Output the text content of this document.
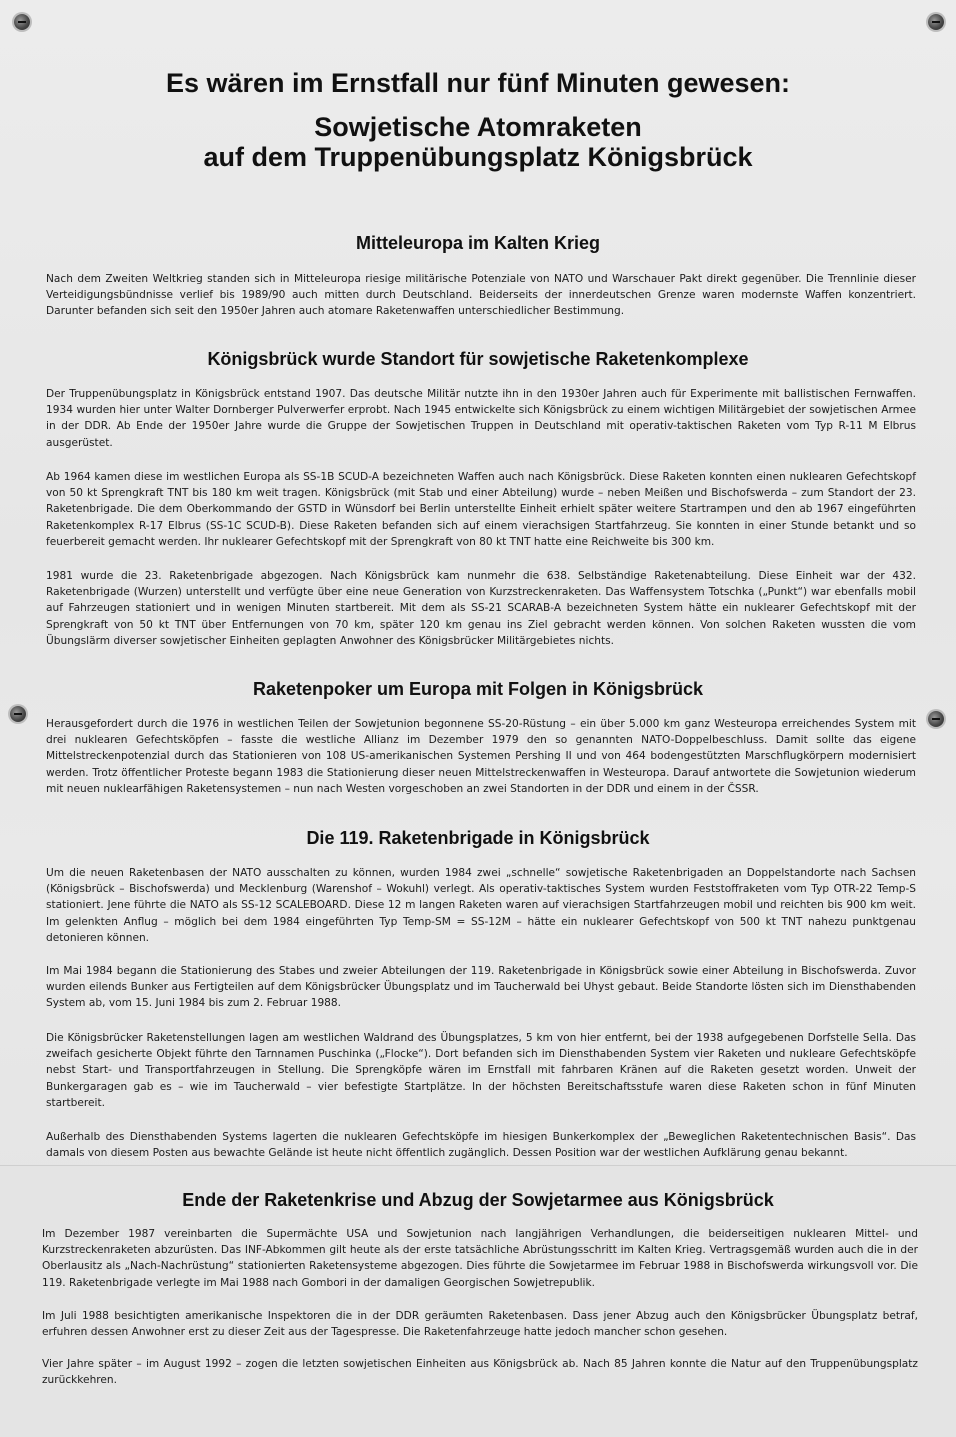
Es wären im Ernstfall nur fünf Minuten gewesen:
Sowjetische Atomraketen
auf dem Truppenübungsplatz Königsbrück
Mitteleuropa im Kalten Krieg

Nach dem Zweiten Weltkrieg standen sich in Mitteleuropa riesige militärische Potenziale von NATO und Warschauer Pakt direkt gegenüber. Die Trennlinie dieser Verteidigungsbündnisse verlief bis 1989/90 auch mitten durch Deutschland. Beiderseits der innerdeutschen Grenze waren modernste Waffen konzentriert. Darunter befanden sich seit den 1950er Jahren auch atomare Raketenwaffen unterschiedlicher Bestimmung.

Königsbrück wurde Standort für sowjetische Raketenkomplexe

Der Truppenübungsplatz in Königsbrück entstand 1907. Das deutsche Militär nutzte ihn in den 1930er Jahren auch für Experimente mit ballistischen Fernwaffen. 1934 wurden hier unter Walter Dornberger Pulverwerfer erprobt. Nach 1945 entwickelte sich Königsbrück zu einem wichtigen Militärgebiet der sowjetischen Armee in der DDR. Ab Ende der 1950er Jahre wurde die Gruppe der Sowjetischen Truppen in Deutschland mit operativ-taktischen Raketen vom Typ R-11 M Elbrus ausgerüstet.

Ab 1964 kamen diese im westlichen Europa als SS-1B SCUD-A bezeichneten Waffen auch nach Königsbrück. Diese Raketen konnten einen nuklearen Gefechtskopf von 50 kt Sprengkraft TNT bis 180 km weit tragen. Königsbrück (mit Stab und einer Abteilung) wurde – neben Meißen und Bischofswerda – zum Standort der 23. Raketenbrigade. Die dem Oberkommando der GSTD in Wünsdorf bei Berlin unterstellte Einheit erhielt später weitere Startrampen und den ab 1967 eingeführten Raketenkomplex R-17 Elbrus (SS-1C SCUD-B). Diese Raketen befanden sich auf einem vierachsigen Startfahrzeug. Sie konnten in einer Stunde betankt und so feuerbereit gemacht werden. Ihr nuklearer Gefechtskopf mit der Sprengkraft von 80 kt TNT hatte eine Reichweite bis 300 km.

1981 wurde die 23. Raketenbrigade abgezogen. Nach Königsbrück kam nunmehr die 638. Selbständige Raketenabteilung. Diese Einheit war der 432. Raketenbrigade (Wurzen) unterstellt und verfügte über eine neue Generation von Kurzstreckenraketen. Das Waffensystem Totschka („Punkt“) war ebenfalls mobil auf Fahrzeugen stationiert und in wenigen Minuten startbereit. Mit dem als SS-21 SCARAB-A bezeichneten System hätte ein nuklearer Gefechtskopf mit der Sprengkraft von 50 kt TNT über Entfernungen von 70 km, später 120 km genau ins Ziel gebracht werden können. Von solchen Raketen wussten die vom Übungslärm diverser sowjetischer Einheiten geplagten Anwohner des Königsbrücker Militärgebietes nichts.

Raketenpoker um Europa mit Folgen in Königsbrück

Herausgefordert durch die 1976 in westlichen Teilen der Sowjetunion begonnene SS-20-Rüstung – ein über 5.000 km ganz Westeuropa erreichendes System mit drei nuklearen Gefechtsköpfen – fasste die westliche Allianz im Dezember 1979 den so genannten NATO-Doppelbeschluss. Damit sollte das eigene Mittelstreckenpotenzial durch das Stationieren von 108 US-amerikanischen Systemen Pershing II und von 464 bodengestützten Marschflugkörpern modernisiert werden. Trotz öffentlicher Proteste begann 1983 die Stationierung dieser neuen Mittelstreckenwaffen in Westeuropa. Darauf antwortete die Sowjetunion wiederum mit neuen nuklearfähigen Raketensystemen – nun nach Westen vorgeschoben an zwei Standorten in der DDR und einem in der ČSSR.

Die 119. Raketenbrigade in Königsbrück

Um die neuen Raketenbasen der NATO ausschalten zu können, wurden 1984 zwei „schnelle“ sowjetische Raketenbrigaden an Doppelstandorte nach Sachsen (Königsbrück – Bischofswerda) und Mecklenburg (Warenshof – Wokuhl) verlegt. Als operativ-taktisches System wurden Feststoffraketen vom Typ OTR-22 Temp-S stationiert. Jene führte die NATO als SS-12 SCALEBOARD. Diese 12 m langen Raketen waren auf vierachsigen Startfahrzeugen mobil und reichten bis 900 km weit. Im gelenkten Anflug – möglich bei dem 1984 eingeführten Typ Temp-SM = SS-12M – hätte ein nuklearer Gefechtskopf von 500 kt TNT nahezu punktgenau detonieren können.

Im Mai 1984 begann die Stationierung des Stabes und zweier Abteilungen der 119. Raketenbrigade in Königsbrück sowie einer Abteilung in Bischofswerda. Zuvor wurden eilends Bunker aus Fertigteilen auf dem Königsbrücker Übungsplatz und im Taucherwald bei Uhyst gebaut. Beide Standorte lösten sich im Diensthabenden System ab, vom 15. Juni 1984 bis zum 2. Februar 1988.

Die Königsbrücker Raketenstellungen lagen am westlichen Waldrand des Übungsplatzes, 5 km von hier entfernt, bei der 1938 aufgegebenen Dorfstelle Sella. Das zweifach gesicherte Objekt führte den Tarnnamen Puschinka („Flocke“). Dort befanden sich im Diensthabenden System vier Raketen und nukleare Gefechtsköpfe nebst Start- und Transportfahrzeugen in Stellung. Die Sprengköpfe wären im Ernstfall mit fahrbaren Kränen auf die Raketen gesetzt worden. Unweit der Bunkergaragen gab es – wie im Taucherwald – vier befestigte Startplätze. In der höchsten Bereitschaftsstufe waren diese Raketen schon in fünf Minuten startbereit.

Außerhalb des Diensthabenden Systems lagerten die nuklearen Gefechtsköpfe im hiesigen Bunkerkomplex der „Beweglichen Raketentechnischen Basis“. Das damals von diesem Posten aus bewachte Gelände ist heute nicht öffentlich zugänglich. Dessen Position war der westlichen Aufklärung genau bekannt.

Ende der Raketenkrise und Abzug der Sowjetarmee aus Königsbrück

Im Dezember 1987 vereinbarten die Supermächte USA und Sowjetunion nach langjährigen Verhandlungen, die beiderseitigen nuklearen Mittel- und Kurzstreckenraketen abzurüsten. Das INF-Abkommen gilt heute als der erste tatsächliche Abrüstungsschritt im Kalten Krieg. Vertragsgemäß wurden auch die in der Oberlausitz als „Nach-Nachrüstung“ stationierten Raketensysteme abgezogen. Dies führte die Sowjetarmee im Februar 1988 in Bischofswerda wirkungsvoll vor. Die 119. Raketenbrigade verlegte im Mai 1988 nach Gombori in der damaligen Georgischen Sowjetrepublik.

Im Juli 1988 besichtigten amerikanische Inspektoren die in der DDR geräumten Raketenbasen. Dass jener Abzug auch den Königsbrücker Übungsplatz betraf, erfuhren dessen Anwohner erst zu dieser Zeit aus der Tagespresse. Die Raketenfahrzeuge hatte jedoch mancher schon gesehen.

Vier Jahre später – im August 1992 – zogen die letzten sowjetischen Einheiten aus Königsbrück ab. Nach 85 Jahren konnte die Natur auf den Truppenübungsplatz zurückkehren.
